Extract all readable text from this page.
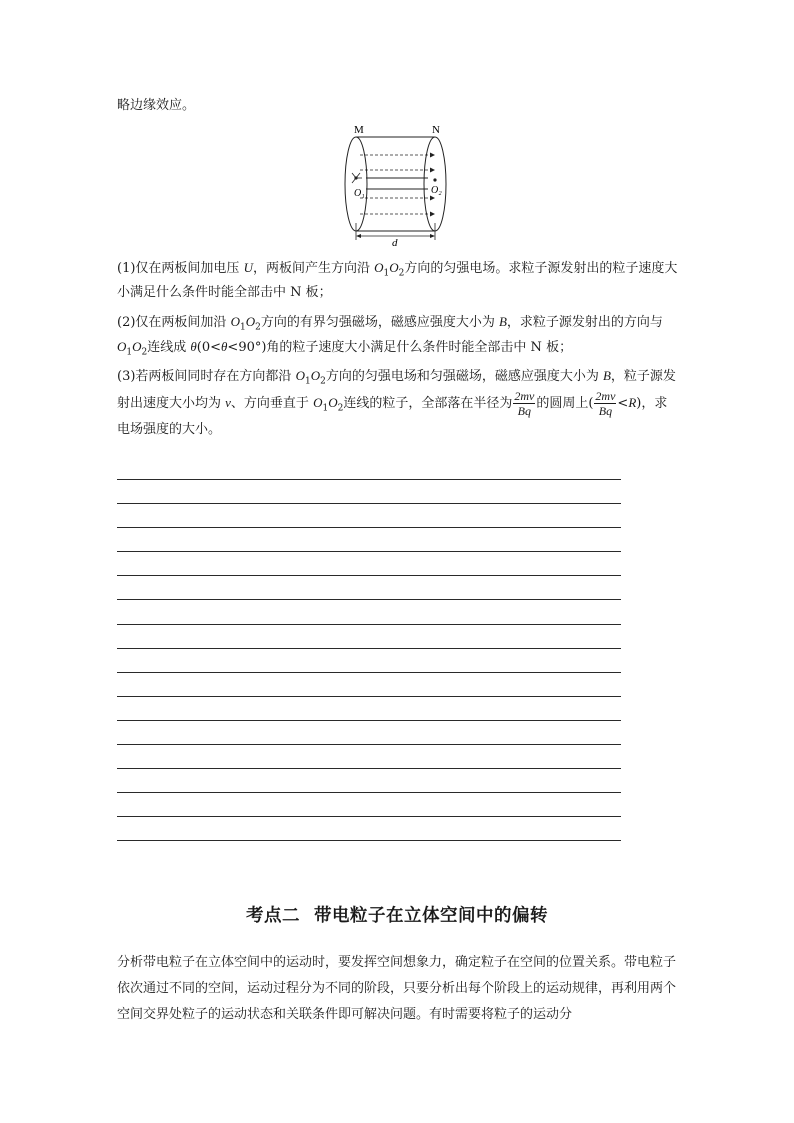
略边缘效应。

M	N
O₁	O₂
d

(1)仅在两板间加电压 U，两板间产生方向沿 $O_1O_2$方向的匀强电场。求粒子源发射出的粒子速度大小满足什么条件时能全部击中 N 板；

(2)仅在两板间加沿 $O_1O_2$方向的有界匀强磁场，磁感应强度大小为 B，求粒子源发射出的方向与 $O_1O_2$连线成 θ(0<θ<90°)角的粒子速度大小满足什么条件时能全部击中 N 板；

(3)若两板间同时存在方向都沿 $O_1O_2$方向的匀强电场和匀强磁场，磁感应强度大小为 B，粒子源发射出速度大小均为 v、方向垂直于 $O_1O_2$连线的粒子，全部落在半径为 $\frac{2mv}{Bq}$ 的圆周上( $\frac{2mv}{Bq} <R$)，求电场强度的大小。

考点二 带电粒子在立体空间中的偏转

分析带电粒子在立体空间中的运动时，要发挥空间想象力，确定粒子在空间的位置关系。带电粒子依次通过不同的空间，运动过程分为不同的阶段，只要分析出每个阶段上的运动规律，再利用两个空间交界处粒子的运动状态和关联条件即可解决问题。有时需要将粒子的运动分
